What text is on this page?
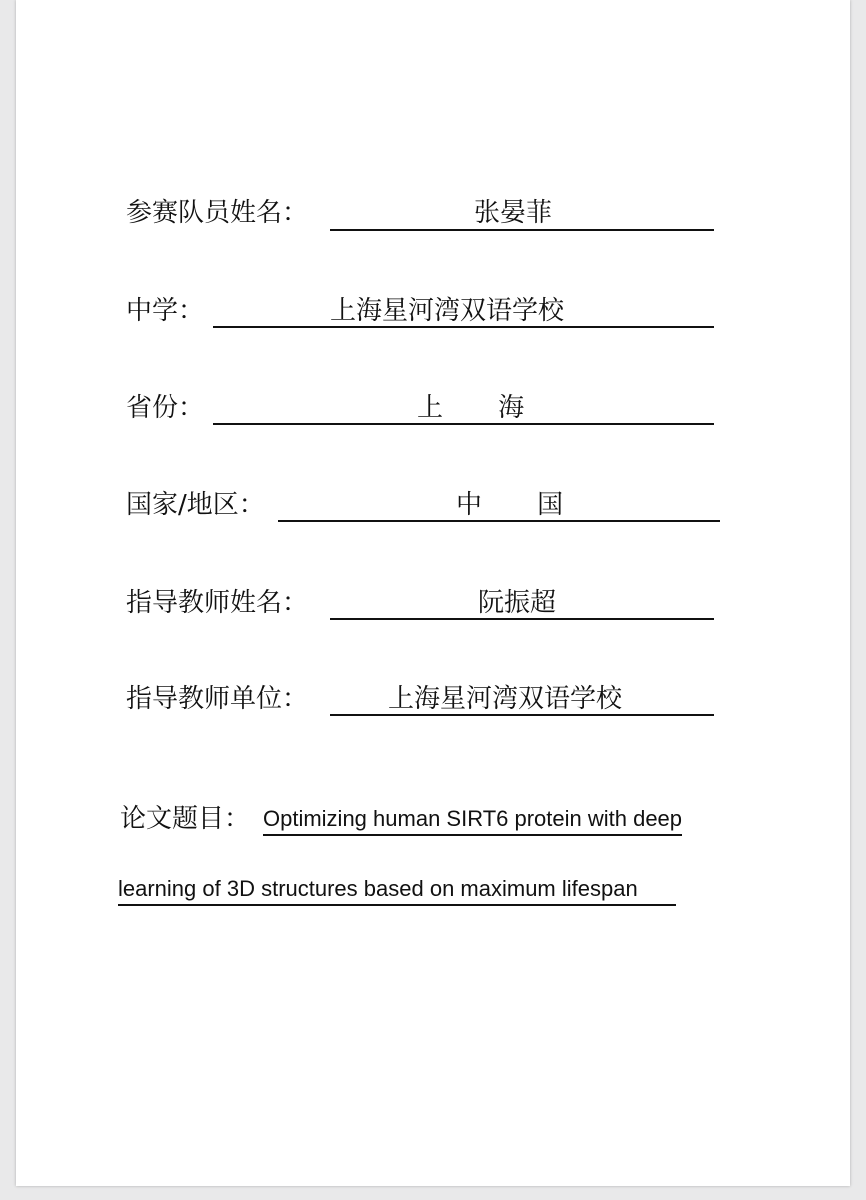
参赛队员姓名：	张晏菲
中学：	上海星河湾双语学校
省份：	上 海
国家/地区：	中 国
指导教师姓名：	阮振超
指导教师单位：	上海星河湾双语学校
论文题目： Optimizing human SIRT6 protein with deep
learning of 3D structures based on maximum lifespan
